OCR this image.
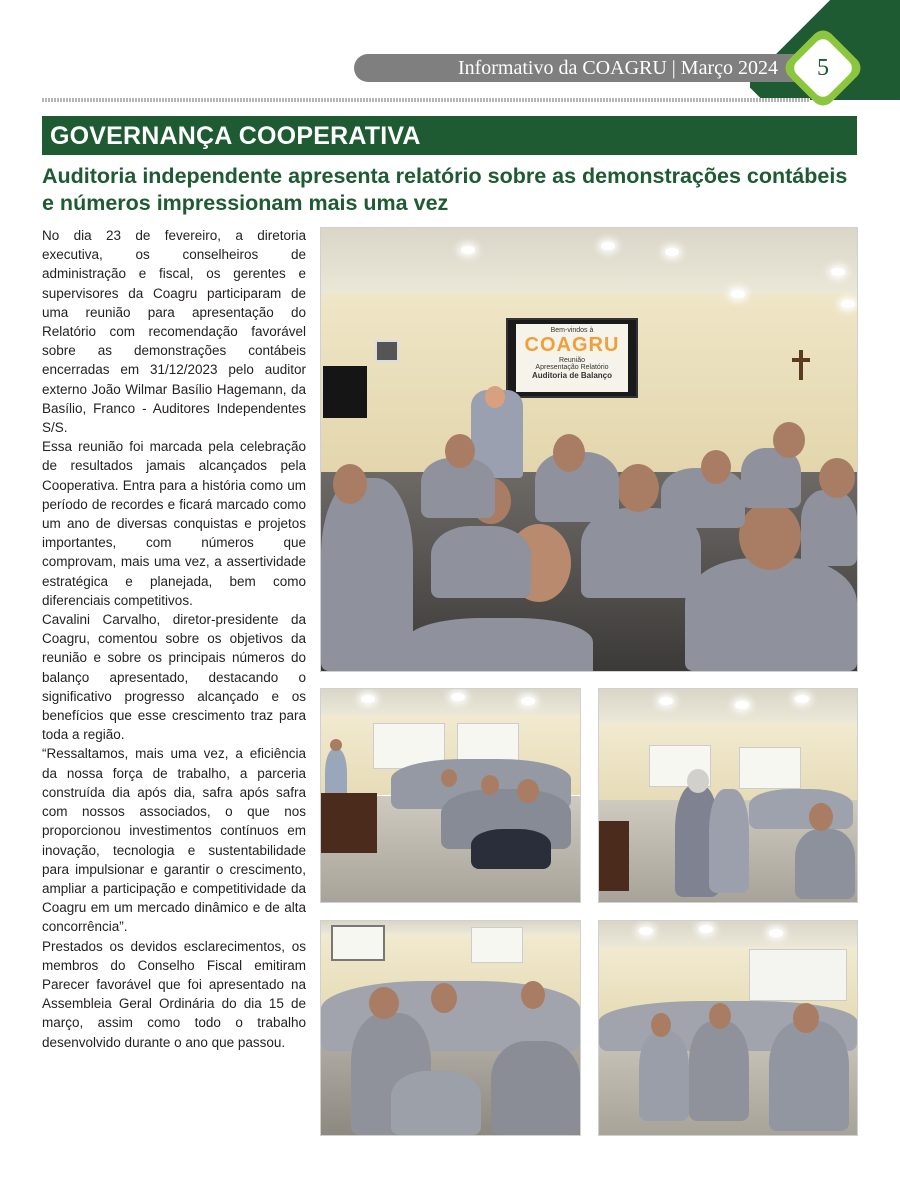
Informativo da COAGRU | Março 2024	5
GOVERNANÇA COOPERATIVA
Auditoria independente apresenta relatório sobre as demonstrações contábeis e números impressionam mais uma vez

No dia 23 de fevereiro, a diretoria executiva, os conselheiros de administração e fiscal, os gerentes e supervisores da Coagru participaram de uma reunião para apresentação do Relatório com recomendação favorável sobre as demonstrações contábeis encerradas em 31/12/2023 pelo auditor externo João Wilmar Basílio Hagemann, da Basílio, Franco - Auditores Independentes S/S.

Essa reunião foi marcada pela celebração de resultados jamais alcançados pela Cooperativa. Entra para a história como um período de recordes e ficará marcado como um ano de diversas conquistas e projetos importantes, com números que comprovam, mais uma vez, a assertividade estratégica e planejada, bem como diferenciais competitivos.

Cavalini Carvalho, diretor-presidente da Coagru, comentou sobre os objetivos da reunião e sobre os principais números do balanço apresentado, destacando o significativo progresso alcançado e os benefícios que esse crescimento traz para toda a região.

“Ressaltamos, mais uma vez, a eficiência da nossa força de trabalho, a parceria construída dia após dia, safra após safra com nossos associados, o que nos proporcionou investimentos contínuos em inovação, tecnologia e sustentabilidade para impulsionar e garantir o crescimento, ampliar a participação e competitividade da Coagru em um mercado dinâmico e de alta concorrência”.

Prestados os devidos esclarecimentos, os membros do Conselho Fiscal emitiram Parecer favorável que foi apresentado na Assembleia Geral Ordinária do dia 15 de março, assim como todo o trabalho desenvolvido durante o ano que passou.

Bem-vindos à
COAGRU
Reunião
Apresentação Relatório
Auditoria de Balanço
